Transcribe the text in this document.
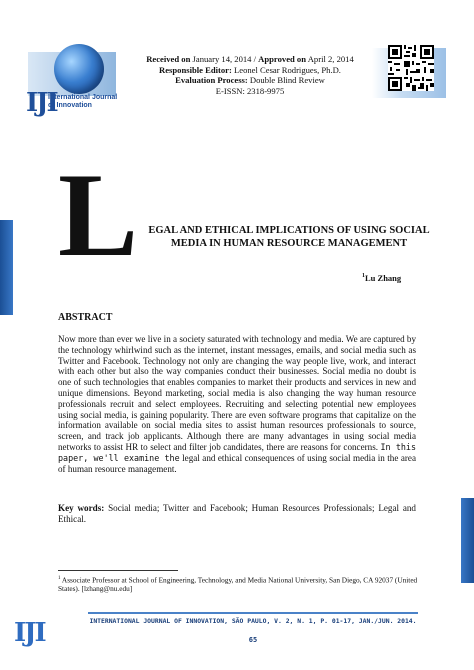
IJI
International Journal of Innovation
Received on January 14, 2014 / Approved on April 2, 2014
Responsible Editor: Leonel Cesar Rodrigues, Ph.D.
Evaluation Process: Double Blind Review
E-ISSN: 2318-9975
L EGAL AND ETHICAL IMPLICATIONS OF USING SOCIAL MEDIA IN HUMAN RESOURCE MANAGEMENT
$^1$Lu Zhang
ABSTRACT
Now more than ever we live in a society saturated with technology and media. We are captured by the technology whirlwind such as the internet, instant messages, emails, and social media such as Twitter and Facebook. Technology not only are changing the way people live, work, and interact with each other but also the way companies conduct their businesses. Social media no doubt is one of such technologies that enables companies to market their products and services in new and unique dimensions. Beyond marketing, social media is also changing the way human resource professionals recruit and select employees. Recruiting and selecting potential new employees using social media, is gaining popularity. There are even software programs that capitalize on the information available on social media sites to assist human resources professionals to source, screen, and track job applicants. Although there are many advantages in using social media networks to assist HR to select and filter job candidates, there are reasons for concerns. In this paper, we'll examine the legal and ethical consequences of using social media in the area of human resource management.
Key words: Social media; Twitter and Facebook; Human Resources Professionals; Legal and Ethical.
$^1$ Associate Professor at School of Engineering, Technology, and Media National University, San Diego, CA 92037 (United States). [lzhang@nu.edu]
IJI	INTERNATIONAL JOURNAL OF INNOVATION, SÃO PAULO, V. 2, N. 1, P. 01-17, JAN./JUN. 2014.
65
